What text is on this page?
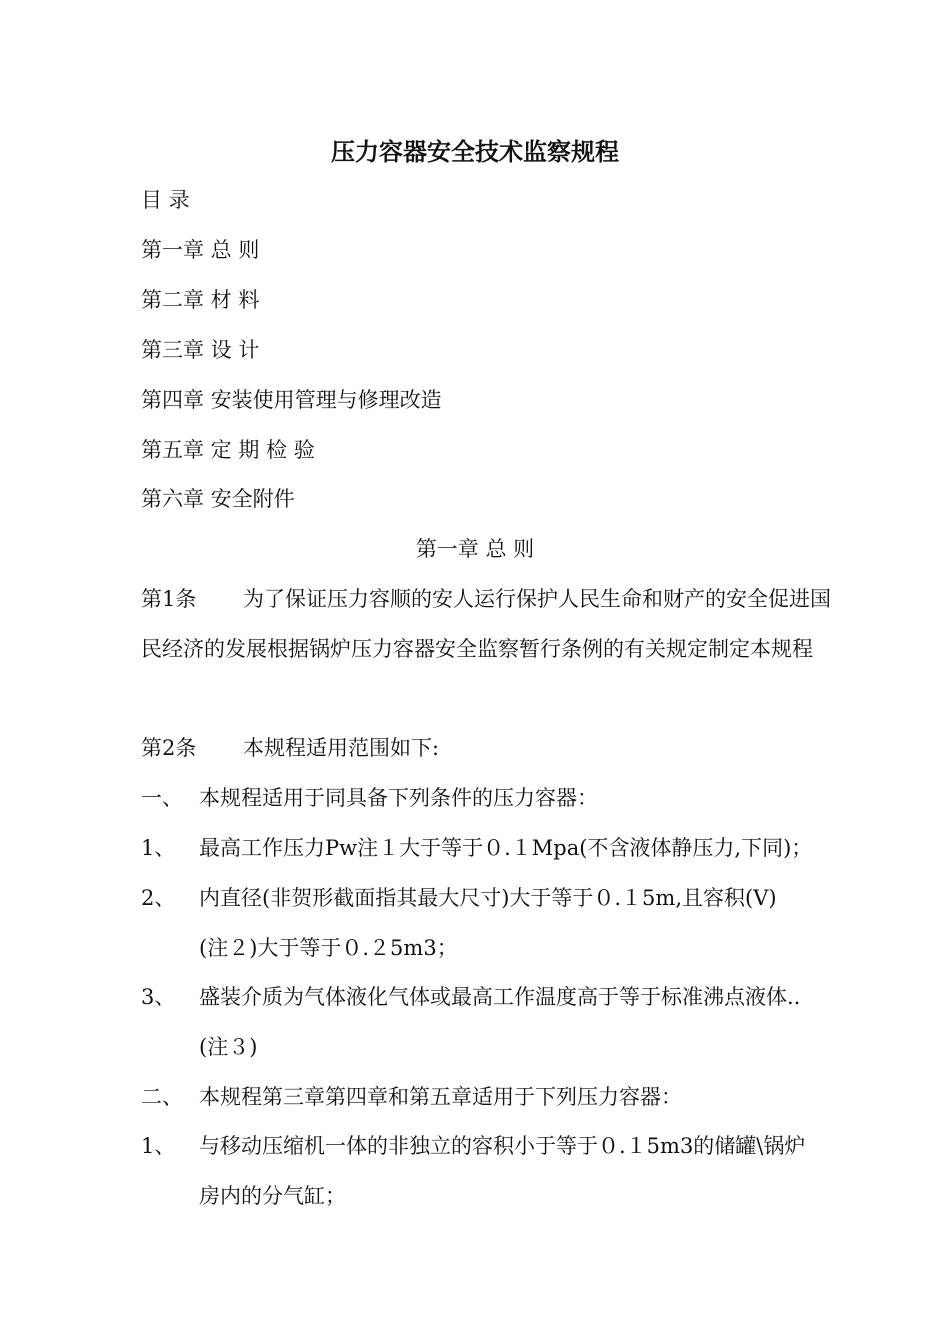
压力容器安全技术监察规程
目 录
第一章 总 则
第二章 材 料
第三章 设 计
第四章 安装使用管理与修理改造
第五章 定 期 检 验
第六章 安全附件
第一章 总 则
第1条 为了保证压力容顺的安人运行保护人民生命和财产的安全促进国民经济的发展根据锅炉压力容器安全监察暂行条例的有关规定制定本规程
第2条 本规程适用范围如下:
一、 本规程适用于同具备下列条件的压力容器：
1、	最高工作压力Pw注１大于等于０.１Mpa(不含液体静压力,下同)；
2、	内直径(非贺形截面指其最大尺寸)大于等于０.１5m,且容积(V)(注２)大于等于０.２5m3；
3、	盛装介质为气体液化气体或最高工作温度高于等于标准沸点液体..(注３)
二、 本规程第三章第四章和第五章适用于下列压力容器：
1、	与移动压缩机一体的非独立的容积小于等于０.１5m3的储罐\锅炉房内的分气缸；
